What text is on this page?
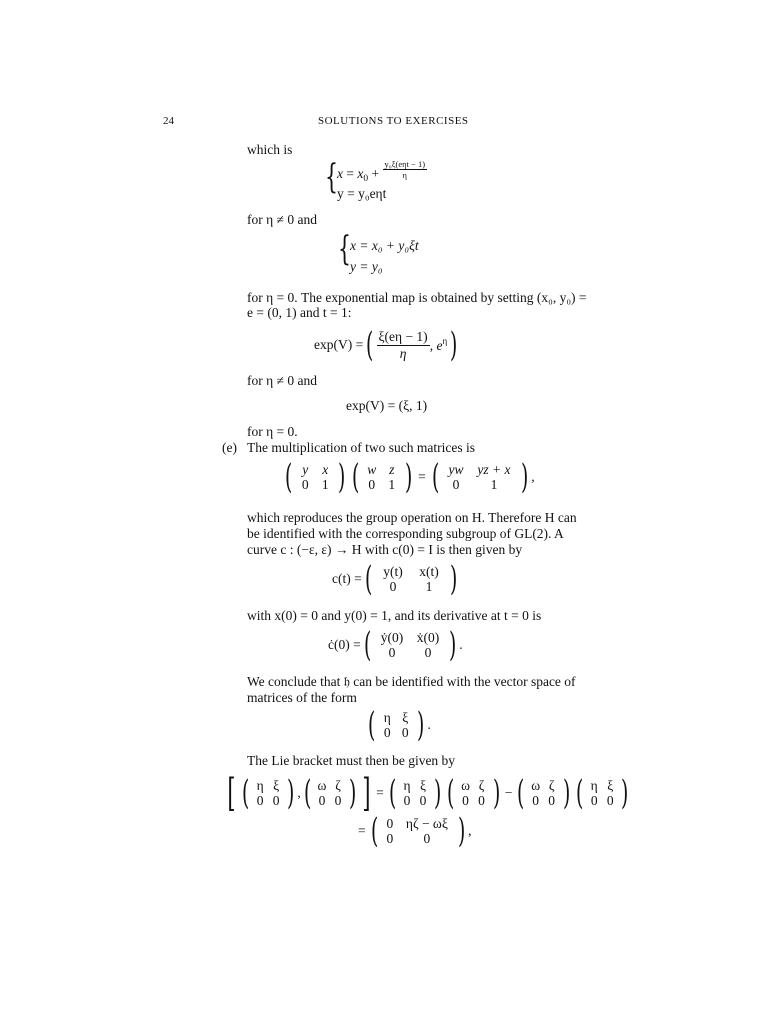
24	SOLUTIONS TO EXERCISES
which is
{ $x = x_0 + \frac{\text{y₀ξ(eηt − 1)}}{\eta}$
y = y₀eηt
for η ≠ 0 and
{ x = x₀ + y₀ξt
y = y₀
for η = 0. The exponential map is obtained by setting (x₀, y₀) =
e = (0, 1) and t = 1:
exp(V) = ( $\frac{\xi(e\eta - 1)}{\eta}$ , $e^\eta$ )
for η ≠ 0 and
exp(V) = (ξ, 1)
for η = 0.
(e) The multiplication of two such matrices is
( y	x
0 1 ) ( w z
0 1 ) = ( yw	yz + x
0	1 ) ,
which reproduces the group operation on H. Therefore H can
be identified with the corresponding subgroup of GL(2). A
curve c : (−ε, ε) → H with c(0) = I is then given by
c(t) = ( y(t)	x(t)
0	1 )
with x(0) = 0 and y(0) = 1, and its derivative at t = 0 is
ċ(0) = ( ẏ(0)	ẋ(0)
0	0 ) .
We conclude that 𝔥 can be identified with the vector space of
matrices of the form
( η ξ
0 0 ) .
The Lie bracket must then be given by
[ ( η ξ
0 0 ) , ( ω ζ
0 0 ) ] = ( η ξ
0 0 ) ( ω ζ
0 0 ) − ( ω ζ
0 0 ) ( η ξ
0 0 )
= ( 0 ηζ − ωξ
0	0 ) ,
